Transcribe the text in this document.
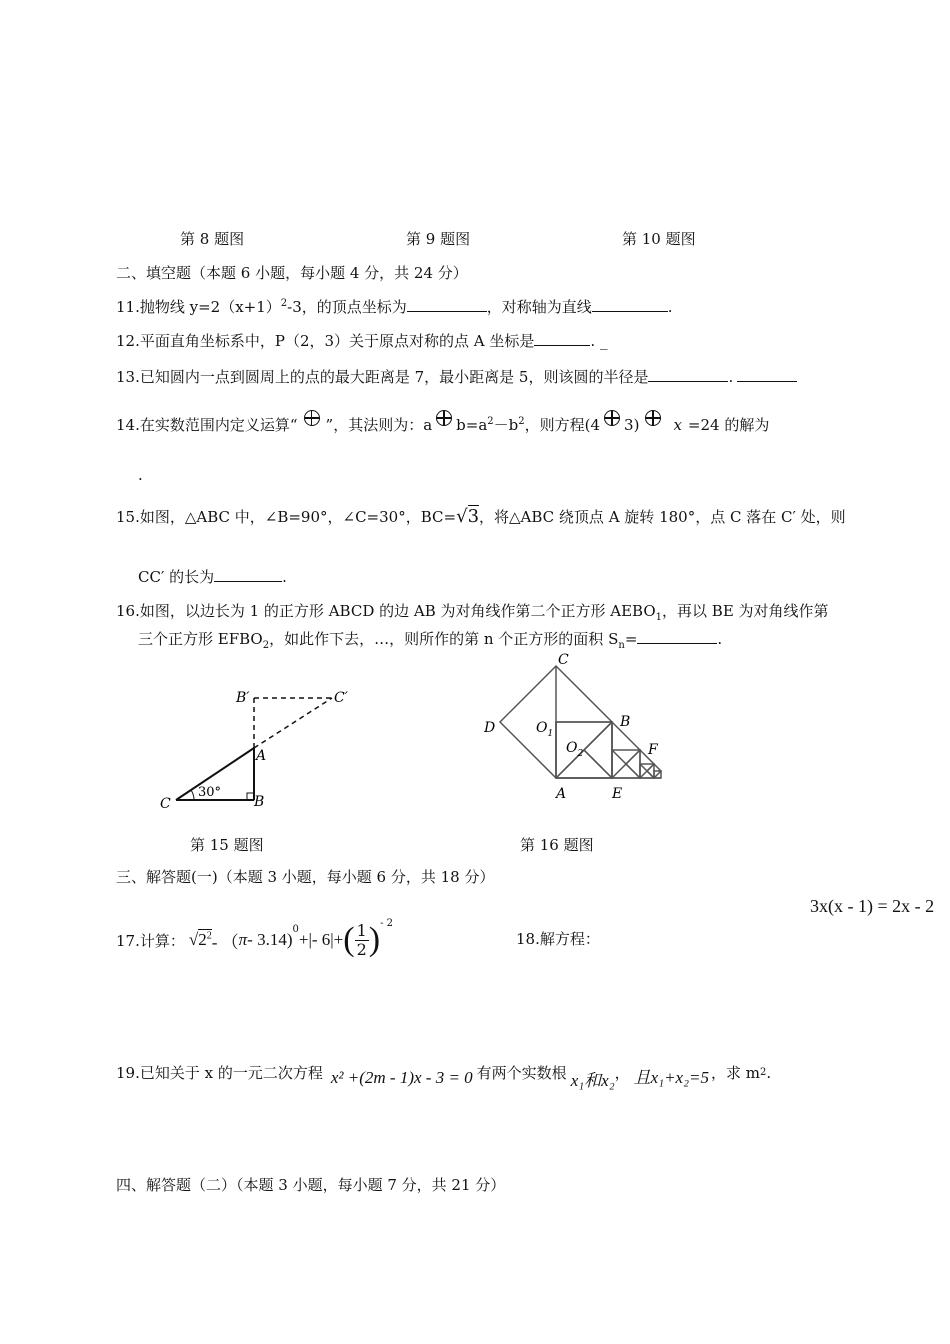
第 8 题图	第 9 题图	第 10 题图
二、填空题（本题 6 小题，每小题 4 分，共 24 分）
11.抛物线 $y=2(x+1)^2-3$，的顶点坐标为	，对称轴为直线	.
12.平面直角坐标系中，P（2，3）关于原点对称的点 A 坐标是	. _
13.已知圆内一点到圆周上的点的最大距离是 7，最小距离是 5，则该圆的半径是	.
14.在实数范围内定义运算“ ”，其法则为：a $b=a^2-b^2$，则方程(4 3) x =24 的解为
.
15.如图，△ABC 中，∠B=90°，∠C=30°，BC=√3，将△ABC 绕顶点 A 旋转 180°，点 C 落在 C′ 处，则
CC′ 的长为	.
16.如图，以边长为 1 的正方形 ABCD 的边 AB 为对角线作第二个正方形 $AEBO_1$，再以 BE 为对角线作第
三个正方形 $EFBO_2$，如此作下去，…，则所作的第 n 个正方形的面积 $S_n=$	.
B′	C′
A
B
C
30°
C
D	$O_1$
B
$O_2$	F
A	E
第 15 题图	第 16 题图
三、解答题(一)（本题 3 小题，每小题 6 分，共 18 分）
3x(x - 1) = 2x - 2
17.计算： $√2^2$ - （ π - 3.14)
$^0$
+|- 6|+ ( $\frac{1}{2} )^{- 2}$
18.解方程：
19.已知关于 x 的一元二次方程 x² +(2m - 1)x - 3 = 0 有两个实数根 x₁和x₂ ， 且x₁+x₂=5 ，求 m 2 .
四、解答题（二）（本题 3 小题，每小题 7 分，共 21 分）
